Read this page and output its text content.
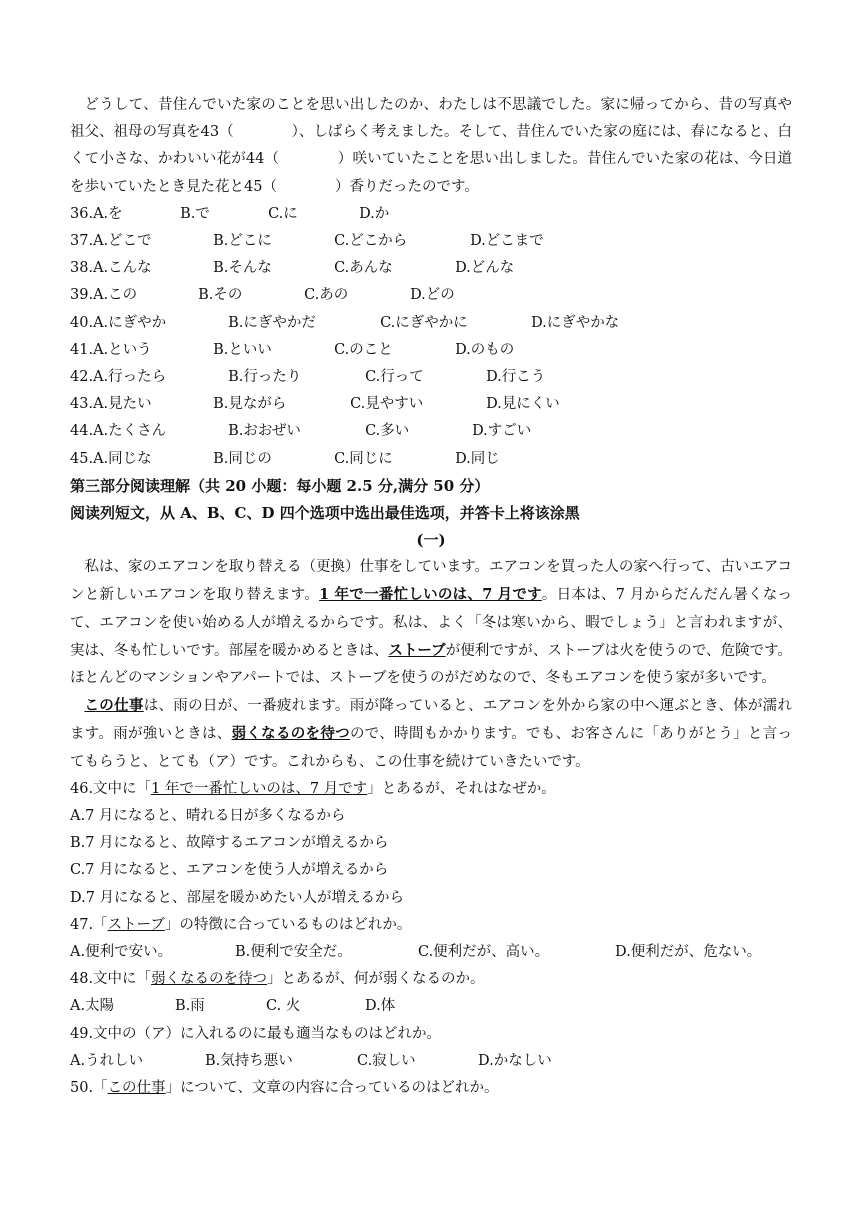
どうして、昔住んでいた家のことを思い出したのか、わたしは不思議でした。家に帰ってから、昔の写真や祖父、祖母の写真を43（　　　　）、しばらく考えました。そして、昔住んでいた家の庭には、春になると、白くて小さな、かわいい花が44（　　　　）咲いていたことを思い出しました。昔住んでいた家の花は、今日道を歩いていたとき見た花と45（　　　　）香りだったのです。

36. A.を	B.で	C.に	D.か
37. A.どこで	B.どこに	C.どこから	D.どこまで
38. A.こんな	B.そんな	C.あんな	D.どんな
39. A.この	B.その	C.あの	D.どの
40. A.にぎやか	B.にぎやかだ	C.にぎやかに	D.にぎやかな
41. A.という	B.といい	C.のこと	D.のもの
42. A.行ったら	B.行ったり	C.行って	D.行こう
43. A.見たい	B.見ながら	C.見やすい	D.見にくい
44. A.たくさん	B.おおぜい	C.多い	D.すごい
45. A.同じな	B.同じの	C.同じに	D.同じ
第三部分阅读理解（共 20 小题：每小题 2.5 分,满分 50 分）
阅读列短文，从 A、B、C、D 四个选项中选出最佳选项，并答卡上将该涂黑
(一)

私は、家のエアコンを取り替える（更換）仕事をしています。エアコンを買った人の家へ行って、古いエアコンと新しいエアコンを取り替えます。1 年で一番忙しいのは、7 月です。日本は、7 月からだんだん暑くなって、エアコンを使い始める人が増えるからです。私は、よく「冬は寒いから、暇でしょう」と言われますが、実は、冬も忙しいです。部屋を暖かめるときは、ストーブが便利ですが、ストーブは火を使うので、危険です。ほとんどのマンションやアパートでは、ストーブを使うのがだめなので、冬もエアコンを使う家が多いです。

この仕事は、雨の日が、一番疲れます。雨が降っていると、エアコンを外から家の中へ運ぶとき、体が濡れます。雨が強いときは、弱くなるのを待つので、時間もかかります。でも、お客さんに「ありがとう」と言ってもらうと、とても（ア）です。これからも、この仕事を続けていきたいです。

46.文中に「1 年で一番忙しいのは、7 月です」とあるが、それはなぜか。
A.7 月になると、晴れる日が多くなるから
B.7 月になると、故障するエアコンが増えるから
C.7 月になると、エアコンを使う人が増えるから
D.7 月になると、部屋を暖かめたい人が増えるから
47.「ストーブ」の特徴に合っているものはどれか。
A.便利で安い。	B.便利で安全だ。	C.便利だが、高い。	D.便利だが、危ない。
48.文中に「弱くなるのを待つ」とあるが、何が弱くなるのか。
A.太陽	B.雨	C. 火	D.体
49.文中の（ア）に入れるのに最も適当なものはどれか。
A.うれしい	B.気持ち悪い	C.寂しい	D.かなしい
50.「この仕事」について、文章の内容に合っているのはどれか。
